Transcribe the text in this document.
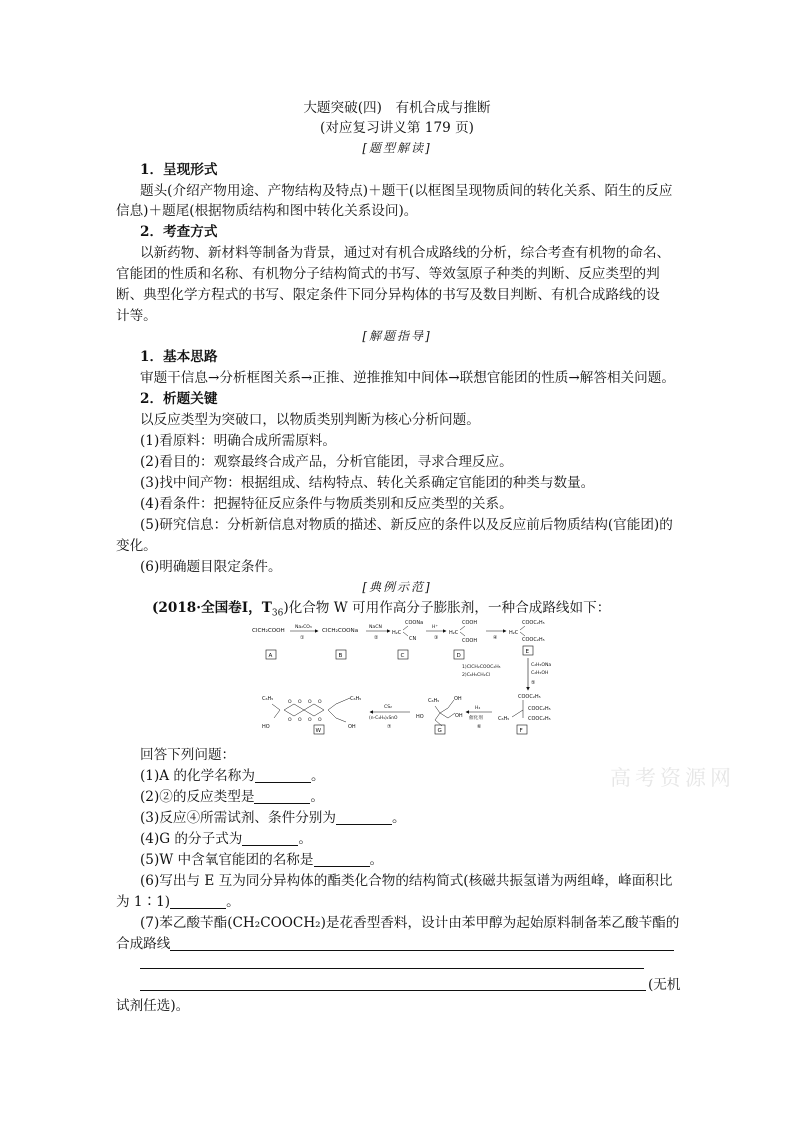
大题突破(四)　有机合成与推断
(对应复习讲义第 179 页)
[题型解读]
1．呈现形式
题头(介绍产物用途、产物结构及特点)＋题干(以框图呈现物质间的转化关系、陌生的反应
信息)＋题尾(根据物质结构和图中转化关系设问)。
2．考查方式
以新药物、新材料等制备为背景，通过对有机合成路线的分析，综合考查有机物的命名、
官能团的性质和名称、有机物分子结构简式的书写、等效氢原子种类的判断、反应类型的判
断、典型化学方程式的书写、限定条件下同分异构体的书写及数目判断、有机合成路线的设
计等。
[解题指导]
1．基本思路
审题干信息→分析框图关系→正推、逆推推知中间体→联想官能团的性质→解答相关问题。
2．析题关键
以反应类型为突破口，以物质类别判断为核心分析问题。
(1)看原料：明确合成所需原料。
(2)看目的：观察最终合成产品，分析官能团，寻求合理反应。
(3)找中间产物：根据组成、结构特点、转化关系确定官能团的种类与数量。
(4)看条件：把握特征反应条件与物质类别和反应类型的关系。
(5)研究信息：分析新信息对物质的描述、新反应的条件以及反应前后物质结构(官能团)的
变化。
(6)明确题目限定条件。
[典例示范]
(2018·全国卷Ⅰ，$T_{36}$)化合物 W 可用作高分子膨胀剂，一种合成路线如下：
ClCH₂COOH
A
Na₂CO₃
①
ClCH₂COONa
B
NaCN
②
COONa
H₂C
CN
C
H⁺
③
COOH
H₂C
COOH
D
④
COOC₂H₅
H₂C
COOC₂H₅
E
1)ClCH₂COOC₂H₅
2)C₆H₅CH₂Cl
C₂H₅ONa
C₂H₅OH
⑤
COOC₂H₅
COOC₂H₅
COOC₂H₅
C₆H₅
F
H₂
催化剂
⑥
C₆H₅	OH
OH
HO
G
CS₂
(n-C₄H₉)₂SnO
⑦
C₆H₅	C₆H₅
O O O O
O O O O
HO	OH
W
回答下列问题：
(1)A 的化学名称为	。
(2)②的反应类型是	。
(3)反应④所需试剂、条件分别为	。
(4)G 的分子式为	。
(5)W 中含氧官能团的名称是	。
(6)写出与 E 互为同分异构体的酯类化合物的结构简式(核磁共振氢谱为两组峰，峰面积比
为 1∶1)	。
(7)苯乙酸苄酯(CH₂COOCH₂)是花香型香料，设计由苯甲醇为起始原料制备苯乙酸苄酯的
合成路线
(无机
试剂任选)。
高考资源网
